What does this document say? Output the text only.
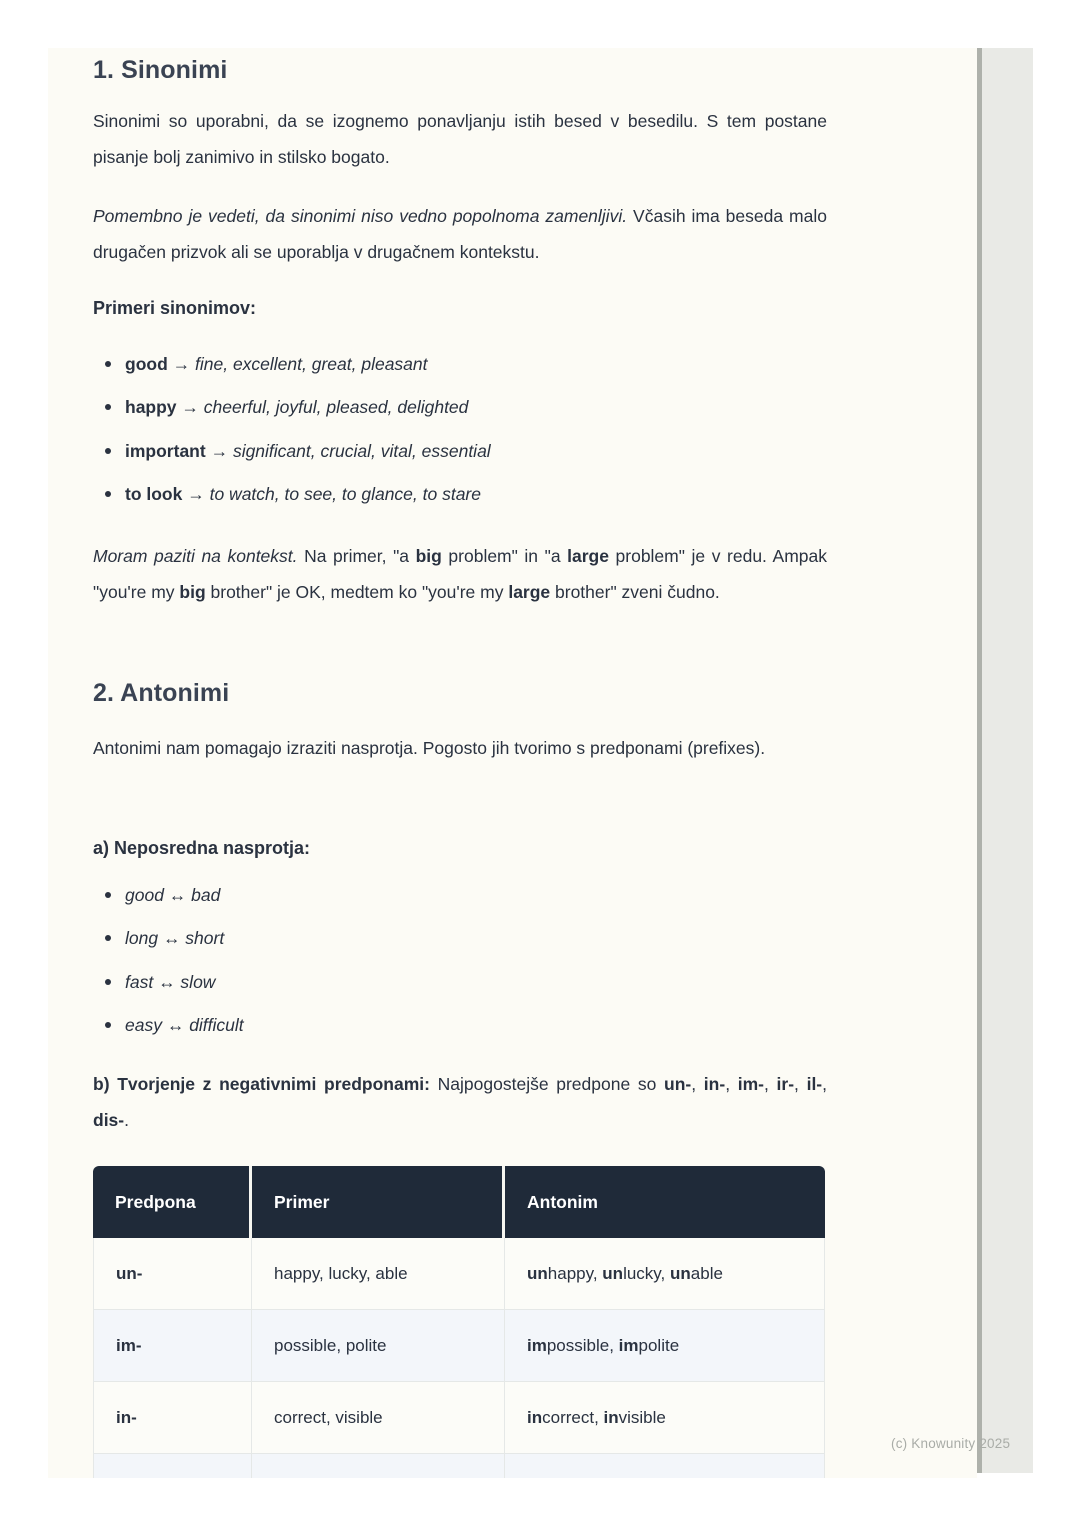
1. Sinonimi

Sinonimi so uporabni, da se izognemo ponavljanju istih besed v besedilu. S tem postane pisanje bolj zanimivo in stilsko bogato.

Pomembno je vedeti, da sinonimi niso vedno popolnoma zamenljivi. Včasih ima beseda malo drugačen prizvok ali se uporablja v drugačnem kontekstu.

Primeri sinonimov:
good → fine, excellent, great, pleasant
happy → cheerful, joyful, pleased, delighted
important → significant, crucial, vital, essential
to look → to watch, to see, to glance, to stare

Moram paziti na kontekst. Na primer, "a big problem" in "a large problem" je v redu. Ampak "you're my big brother" je OK, medtem ko "you're my large brother" zveni čudno.

2. Antonimi

Antonimi nam pomagajo izraziti nasprotja. Pogosto jih tvorimo s predponami (prefixes).

a) Neposredna nasprotja:
good ↔ bad
long ↔ short
fast ↔ slow
easy ↔ difficult

b) Tvorjenje z negativnimi predponami: Najpogostejše predpone so un-, in-, im-, ir-, il-, dis-.

Predpona	Primer	Antonim
un-	happy, lucky, able	unhappy, unlucky, unable
im-	possible, polite	impossible, impolite
in-	correct, visible	incorrect, invisible

(c) Knowunity 2025
